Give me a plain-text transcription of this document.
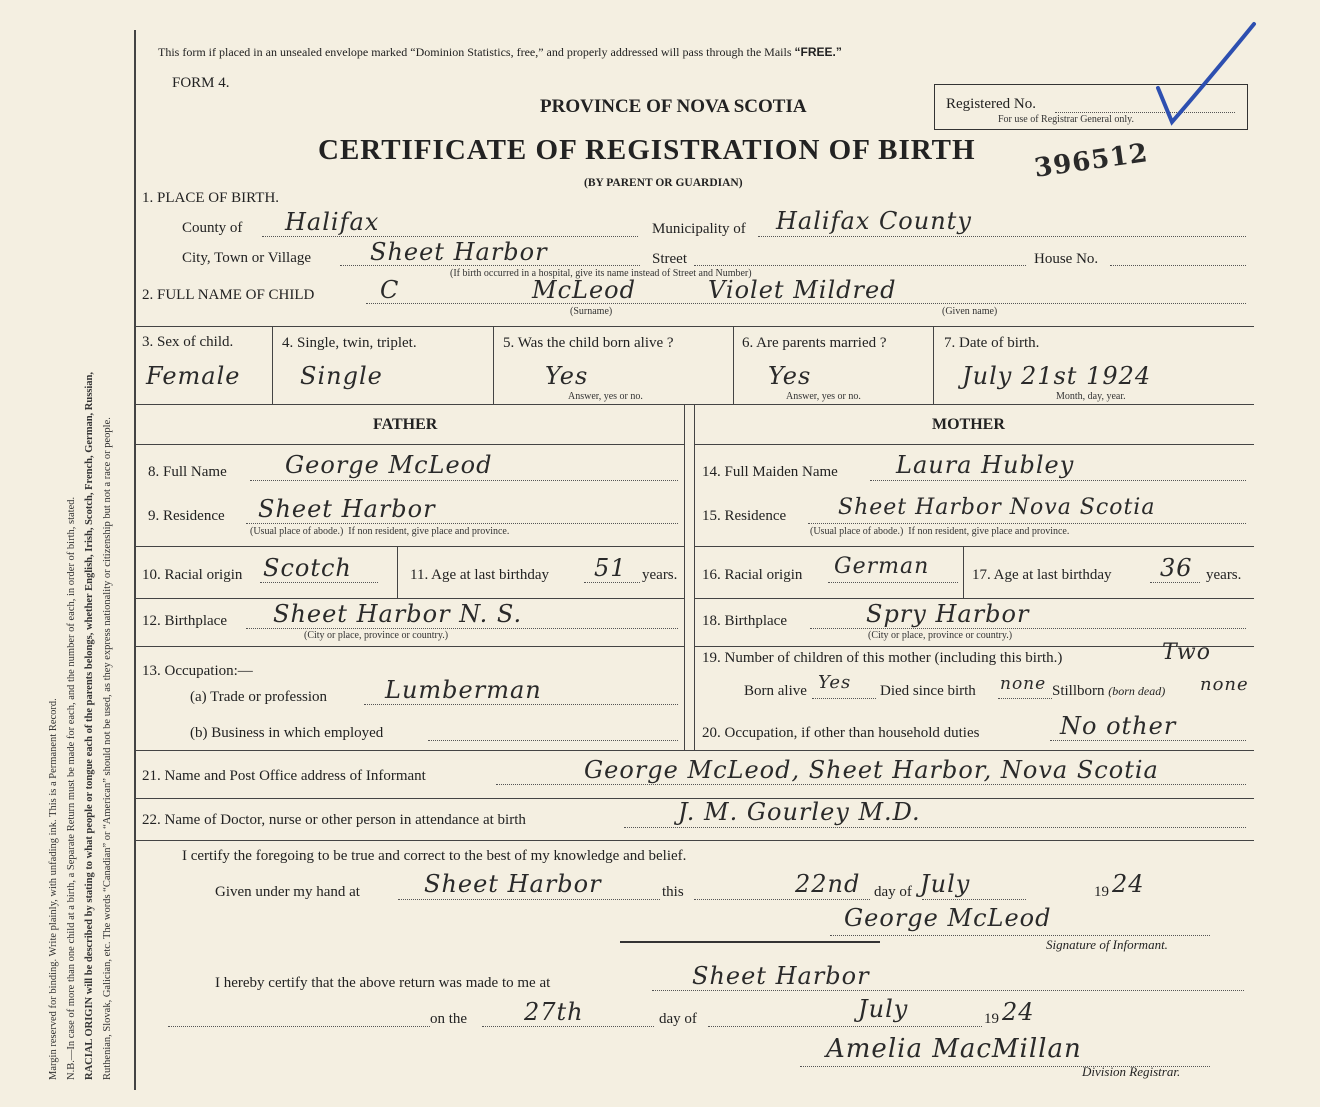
Margin reserved for binding. Write plainly, with unfading ink. This is a Permanent Record. N.B.—In case of more than one child at a birth, a Separate Return must be made for each, and the number of each, in order of birth, stated. RACIAL ORIGIN will be described by stating to what people or tongue each of the parents belongs, whether English, Irish, Scotch, French, German, Russian, Ruthenian, Slovak, Galician, etc. The words “Canadian” or “American” should not be used, as they express nationality or citizenship but not a race or people.
This form if placed in an unsealed envelope marked “Dominion Statistics, free,” and properly addressed will pass through the Mails “FREE.”
FORM 4.
PROVINCE OF NOVA SCOTIA	Registered No.
For use of Registrar General only.
CERTIFICATE OF REGISTRATION OF BIRTH 396512
(BY PARENT OR GUARDIAN)
1. PLACE OF BIRTH.
County of Halifax	Municipality of Halifax County
City, Town or Village Sheet Harbor	Street	House No.
(If birth occurred in a hospital, give its name instead of Street and Number)
2. FULL NAME OF CHILD	C	McLeod	Violet Mildred
(Surname)	(Given name)
3. Sex of child.
Female
4. Single, twin, triplet.
Single
5. Was the child born alive ?
Yes
Answer, yes or no.
6. Are parents married ?
Yes
Answer, yes or no.
7. Date of birth.
July 21st 1924
Month, day, year.
FATHER	MOTHER
8. Full Name George McLeod
9. Residence Sheet Harbor
(Usual place of abode.) If non resident, give place and province.
10. Racial origin Scotch	11. Age at last birthday 51 years.
12. Birthplace Sheet Harbor N. S.
(City or place, province or country.)
13. Occupation:—
(a) Trade or profession Lumberman
(b) Business in which employed
14. Full Maiden Name Laura Hubley
15. Residence Sheet Harbor Nova Scotia
(Usual place of abode.) If non resident, give place and province.
16. Racial origin German	17. Age at last birthday 36 years.
18. Birthplace	Spry Harbor
(City or place, province or country.)
19. Number of children of this mother (including this birth.)	Two
Born alive Yes Died since birth none Stillborn (born dead) none
20. Occupation, if other than household duties	No other
21. Name and Post Office address of Informant	George McLeod, Sheet Harbor, Nova Scotia
22. Name of Doctor, nurse or other person in attendance at birth	J. M. Gourley M.D.
I certify the foregoing to be true and correct to the best of my knowledge and belief.
Given under my hand at	Sheet Harbor	this	22nd day of July	19 24
George McLeod
Signature of Informant.
I hereby certify that the above return was made to me at	Sheet Harbor
on the 27th	day of	July	19 24
Amelia MacMillan
Division Registrar.
